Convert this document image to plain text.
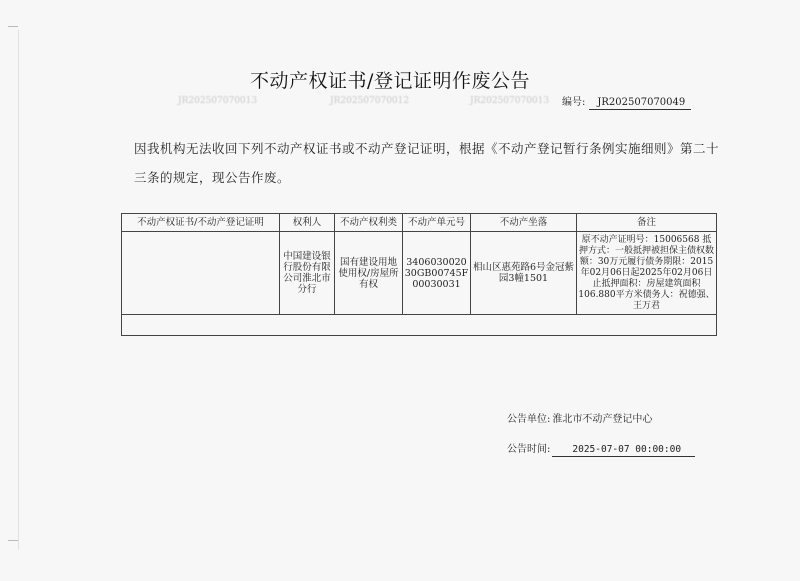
JR202507070013	JR202507070012	JR202507070013
不动产权证书/登记证明作废公告
编号: JR202507070049
因我机构无法收回下列不动产权证书或不动产登记证明，根据《不动产登记暂行条例实施细则》第二十三条的规定，现公告作废。
不动产权证书/不动产登记证明	权利人	不动产权利类	不动产单元号	不动产坐落	备注
	中国建设银行股份有限公司淮北市分行	国有建设用地使用权/房屋所有权	340603002030GB00745F00030031	相山区惠苑路6号金冠紫园3幢1501	原不动产证明号：15006568 抵押方式：一般抵押被担保主债权数额：30万元履行债务期限：2015年02月06日起2025年02月06日止抵押面积：房屋建筑面积106.880平方米债务人：祝德强、王万君

公告单位: 淮北市不动产登记中心
公告时间: 2025-07-07 00:00:00
